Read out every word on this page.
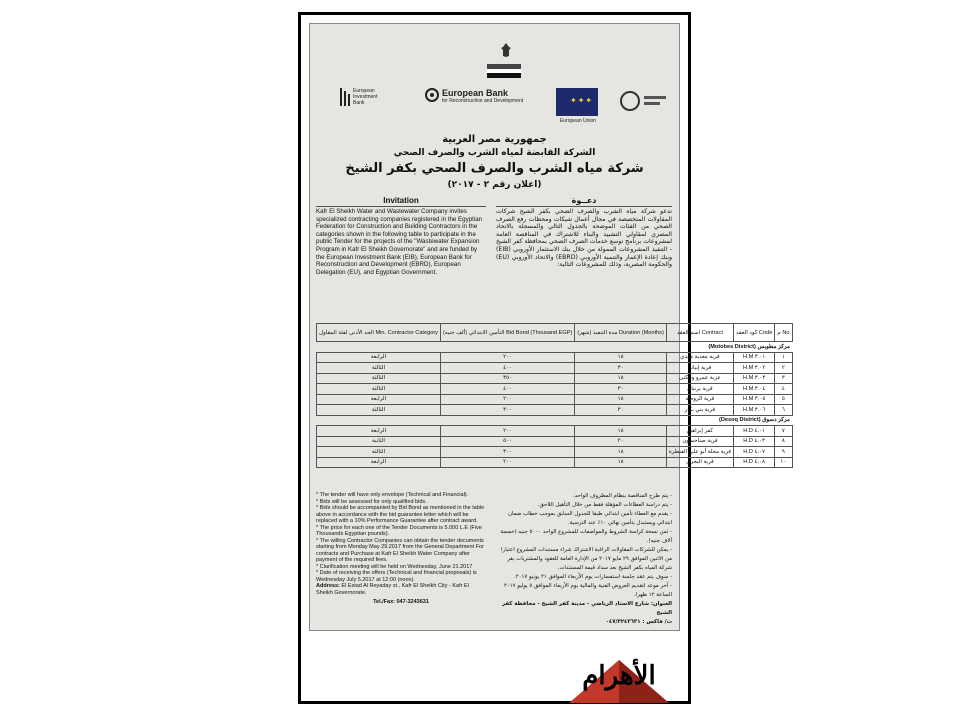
European Investment Bank
European Bank
for Reconstruction and Development	✦✦✦
European Union
جمهورية مصر العربية
الشركة القابضة لمياه الشرب والصرف الصحي
شركة مياه الشرب والصرف الصحي بكفر الشيخ
(اعلان رقم ٢ - ٢٠١٧)
Invitation	دعــوة
Kafr El Sheikh Water and Wastewater Company invites specialized contracting companies registered in the Egyptian Federation for Construction and Building Contractors in the categories shown in the following table to participate in the public Tender for the projects of the "Wastewater Expansion Program in Kafr El Sheikh Governorate" and are funded by the European Investment Bank (EIB), European Bank for Reconstruction and Development (EBRD), European Delegation (EU), and Egyptian Government.
تدعو شركة مياه الشرب والصرف الصحي بكفر الشيخ شركات المقاولات المتخصصة في مجال أعمال شبكات ومحطات رفع الصرف الصحي من الفئات الموضحة بالجدول التالي والمسجلة بالاتحاد المصري لمقاولي التشييد والبناء للاشتراك في المناقصة العامة لمشروعات برنامج توسع خدمات الصرف الصحي بمحافظة كفر الشيخ - التنفيذ المشروعات الممولة من خلال بنك الاستثمار الأوروبي (EIB) وبنك إعادة الإعمار والتنمية الأوروبي (EBRD) والاتحاد الأوروبي (EU) والحكومة المصرية، وذلك للمشروعات التالية:
الحد الأدنى لفئة المقاول Min. Contractor Category	التأمين الابتدائي (ألف جنيه) Bid Bond (Thousand EGP)	مدة التنفيذ (شهر) Duration (Months)	اسم العقد Contract	كود العقد Code	م No
(Motobes District) مركز مطوبس					
الرابعة	٢٠٠	١٨	قرية معدية مهدي	H.M ٣.٠١	١
الثالثة	٤٠٠	٣٠	قرية إبيانة	H.M ٣.٠٢	٢
الثالثة	٣٥٠	١٨	عزبة عمرو والكنى	H.M ٣.٠٣	٣
الثالثة	٤٠٠	٣٠	قرية برنبال	H.M ٣.٠٤	٤
الرابعة	٢٠٠	١٨	قرية الروضة	H.M ٣.٠٥	٥
الثالثة	٣٠٠	٣٠	قرية بني بكار	H.M ٣.٠٦	٦
(Desoq District) مركز دسوق					
الرابعة	٢٠٠	١٨	كفر إبراهيم	H.D ٤.٠١	٧
الثانية	٥٠٠	٢٠	قرية صناحسون	H.D ٤.٠٣	٨
الثالثة	٣٠٠	١٨	قرية محلة أبو علي القنطرة	H.D ٤.٠٧	٩
الرابعة	٢٠٠	١٨	قرية البحري	H.D ٤.٠٨	١٠

* The tender will have only envelope (Technical and Financial).

* Bids will be assessed for only qualified bids.

* Bids should be accompanied by Bid Bond as mentioned in the table above in accordance with the bid guarantee letter which will be replaced with a 10% Performance Guarantee after contract award.

* The price for each one of the Tender Documents is 5.000 L.E (Five Thousands Egyptian pounds).

* The willing Contractor Companies can obtain the tender documents starting from Monday May 29.2017 from the General Department For contracts and Purchase at Kafr El Sheikh Water Company after payment of the required fees.

* Clarification meeting will be held on Wednesday, June 21.2017

* Date of receiving the offers (Technical and financial proposals) is Wednesday July 5.2017 at 12:00 (noon).

Address: El Estad Al Reyaday st., Kafr El Sheikh City - Kafr El Sheikh Governorate.

Tel./Fax: 047-3243631

- يتم طرح المناقصة بنظام المظروف الواحد.

- يتم دراسة العطاءات المؤهلة فقط من خلال التأهيل اللاحق.

- يقدم مع العطاء تأمين ابتدائي طبقا للجدول السابق بموجب خطاب ضمان ابتدائي ويستبدل بتأمين نهائي ١٠٪ عند الترسية.

- ثمن نسخة كراسة الشروط والمواصفات للمشروع الواحد ٥٠٠٠ جنيه (خمسة آلاف جنيه).

- يمكن للشركات المقاولات الراغبة الاشتراك شراء مستندات المشروع اعتبارا من الاثنين الموافق ٢٩ مايو ٢٠١٧ من الإدارة العامة للعقود والمشتريات بقر شركة المياه بكفر الشيخ بعد سداد قيمة المستندات.

- سوف يتم عقد جلسة استفسارات يوم الأربعاء الموافق ٢١ يونيو ٢٠١٧.

- آخر موعد لتقديم العروض الفنية والمالية يوم الأربعاء الموافق ٥ يوليو ٢٠١٧ الساعة ١٢ ظهرا.

العنوان: شارع الاستاد الرياضي - مدينة كفر الشيخ - محافظة كفر الشيخ

ت/ فاكس : ٠٤٧/٣٢٤٣٦٣١

الأهرام
